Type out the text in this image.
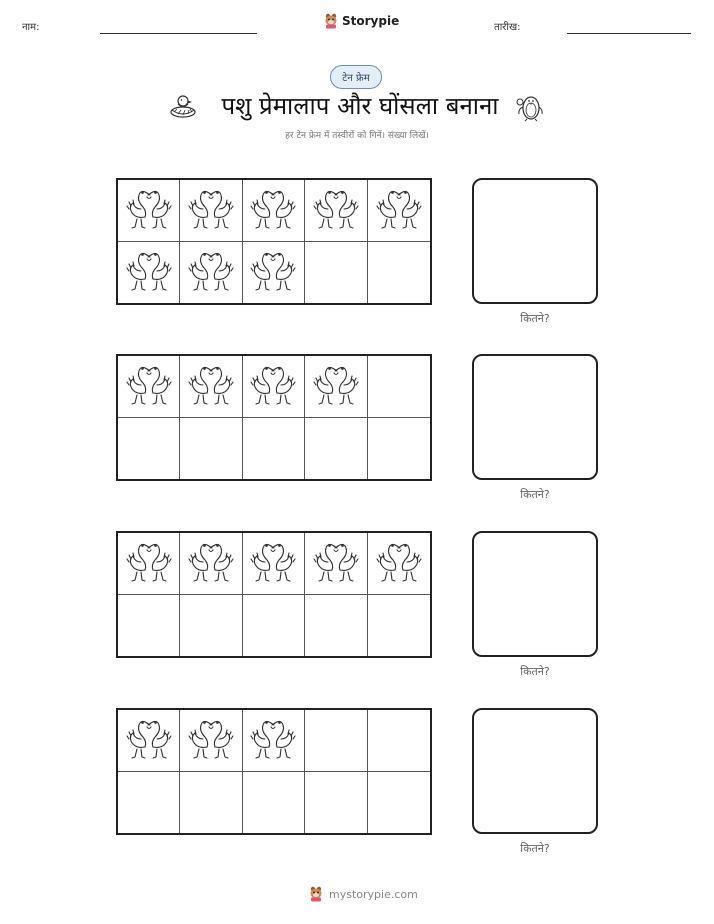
नाम:	Storypie	तारीख:
टेन फ्रेम
पशु प्रेमालाप और घोंसला बनाना
हर टेन फ्रेम में तस्वीरों को गिनें। संख्या लिखें।
कितने?
कितने?
कितने?
कितने?
mystorypie.com
